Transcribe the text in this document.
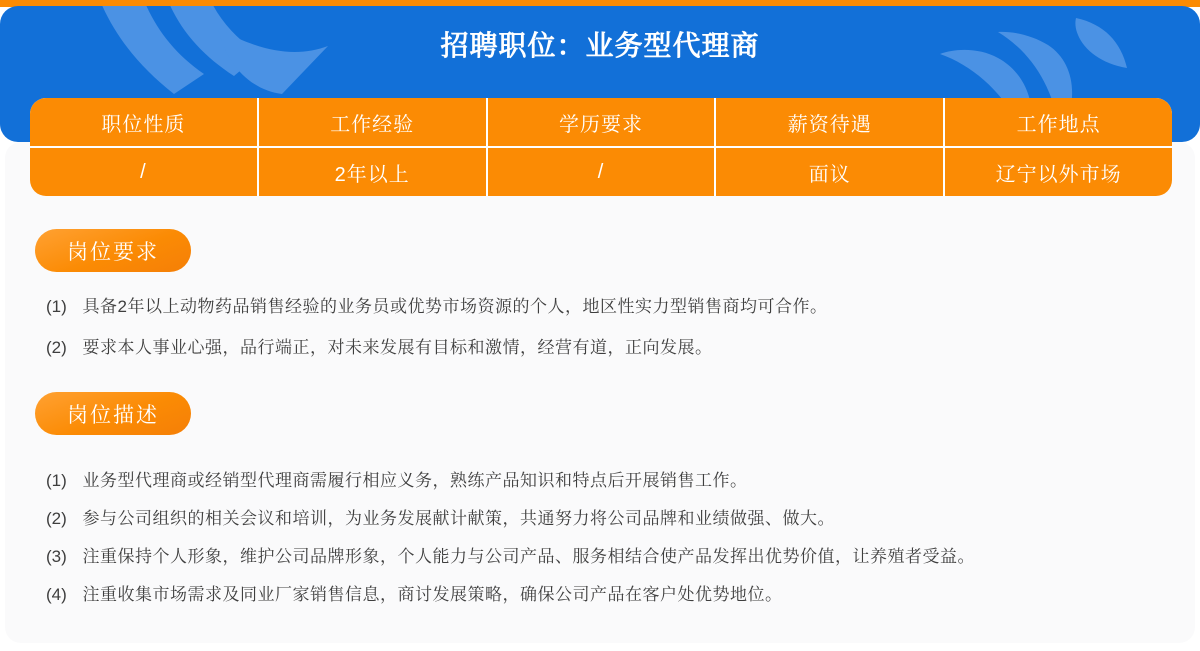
招聘职位：业务型代理商
职位性质	工作经验	学历要求	薪资待遇	工作地点
/	2年以上	/	面议	辽宁以外市场
岗位要求
(1) 具备2年以上动物药品销售经验的业务员或优势市场资源的个人，地区性实力型销售商均可合作。
(2) 要求本人事业心强，品行端正，对未来发展有目标和激情，经营有道，正向发展。
岗位描述
(1) 业务型代理商或经销型代理商需履行相应义务，熟练产品知识和特点后开展销售工作。
(2) 参与公司组织的相关会议和培训，为业务发展献计献策，共通努力将公司品牌和业绩做强、做大。
(3) 注重保持个人形象，维护公司品牌形象，个人能力与公司产品、服务相结合使产品发挥出优势价值，让养殖者受益。
(4) 注重收集市场需求及同业厂家销售信息，商讨发展策略，确保公司产品在客户处优势地位。
